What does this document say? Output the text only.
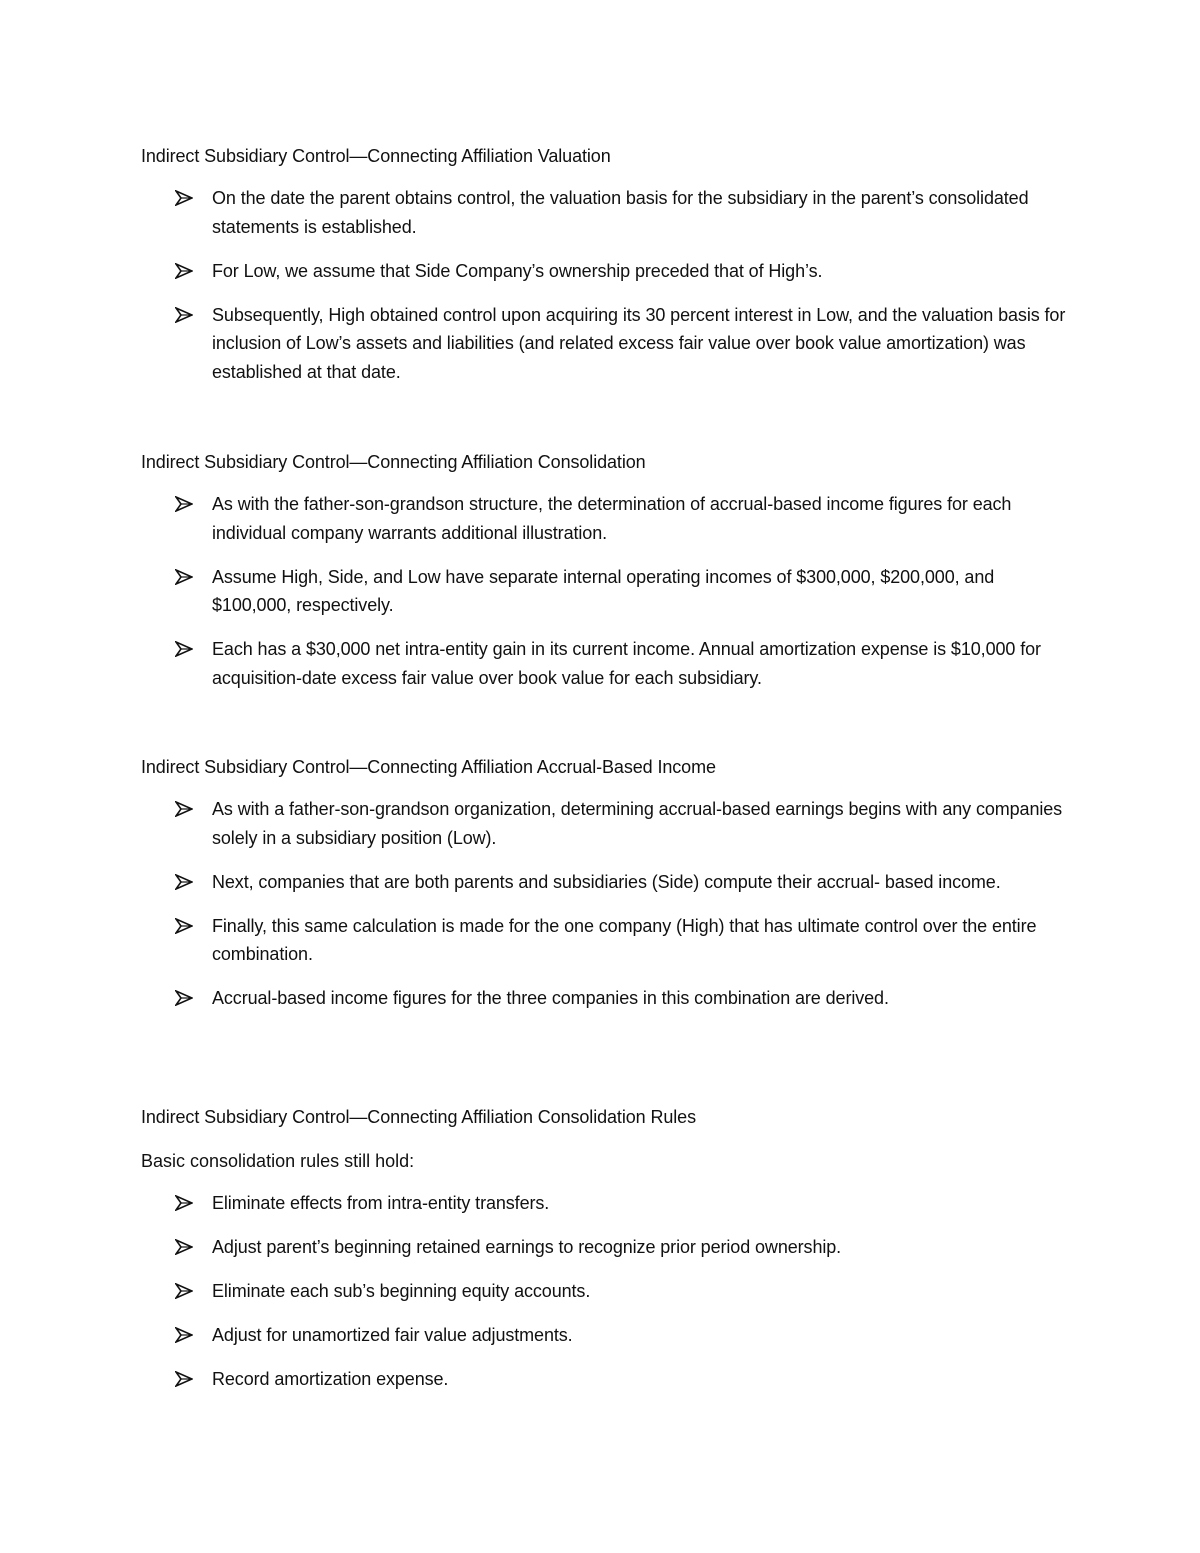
Indirect Subsidiary Control—Connecting Affiliation Valuation

On the date the parent obtains control, the valuation basis for the subsidiary in the parent’s consolidated statements is established.
For Low, we assume that Side Company’s ownership preceded that of High’s.
Subsequently, High obtained control upon acquiring its 30 percent interest in Low, and the valuation basis for inclusion of Low’s assets and liabilities (and related excess fair value over book value amortization) was established at that date.

Indirect Subsidiary Control—Connecting Affiliation Consolidation

As with the father-son-grandson structure, the determination of accrual-based income figures for each individual company warrants additional illustration.
Assume High, Side, and Low have separate internal operating incomes of $300,000, $200,000, and $100,000, respectively.
Each has a $30,000 net intra-entity gain in its current income. Annual amortization expense is $10,000 for acquisition-date excess fair value over book value for each subsidiary.

Indirect Subsidiary Control—Connecting Affiliation Accrual-Based Income

As with a father-son-grandson organization, determining accrual-based earnings begins with any companies solely in a subsidiary position (Low).
Next, companies that are both parents and subsidiaries (Side) compute their accrual- based income.
Finally, this same calculation is made for the one company (High) that has ultimate control over the entire combination.
Accrual-based income figures for the three companies in this combination are derived.

Indirect Subsidiary Control—Connecting Affiliation Consolidation Rules

Basic consolidation rules still hold:

Eliminate effects from intra-entity transfers.
Adjust parent’s beginning retained earnings to recognize prior period ownership.
Eliminate each sub’s beginning equity accounts.
Adjust for unamortized fair value adjustments.
Record amortization expense.
